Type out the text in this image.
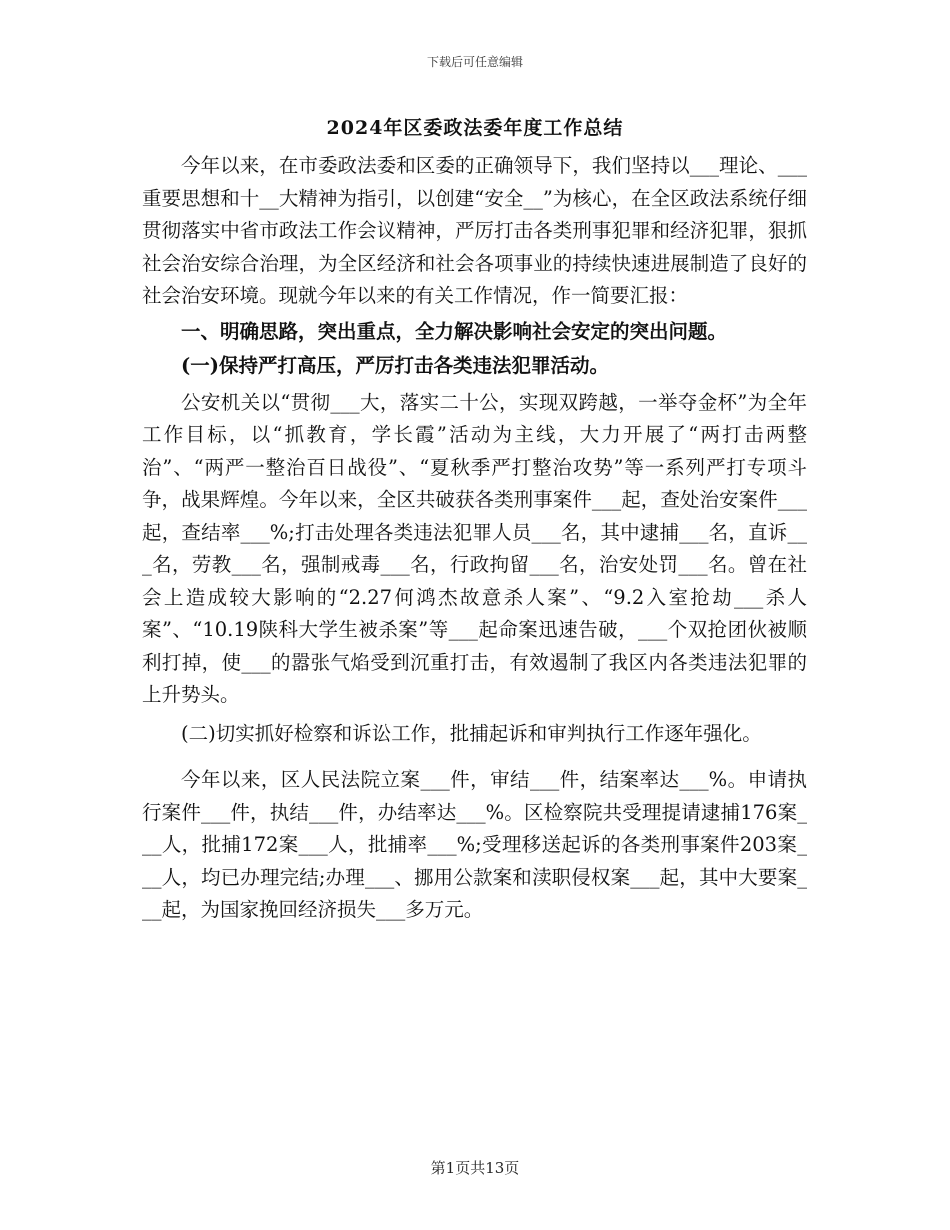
下载后可任意编辑
2024年区委政法委年度工作总结

今年以来，在市委政法委和区委的正确领导下，我们坚持以___理论、___重要思想和十__大精神为指引，以创建“安全__”为核心，在全区政法系统仔细贯彻落实中省市政法工作会议精神，严厉打击各类刑事犯罪和经济犯罪，狠抓社会治安综合治理，为全区经济和社会各项事业的持续快速进展制造了良好的社会治安环境。现就今年以来的有关工作情况，作一简要汇报：

一、明确思路，突出重点，全力解决影响社会安定的突出问题。

(一)保持严打高压，严厉打击各类违法犯罪活动。

公安机关以“贯彻___大，落实二十公，实现双跨越，一举夺金杯”为全年工作目标，以“抓教育，学长霞”活动为主线，大力开展了“两打击两整治”、“两严一整治百日战役”、“夏秋季严打整治攻势”等一系列严打专项斗争，战果辉煌。今年以来，全区共破获各类刑事案件___起，查处治安案件___起，查结率___%;打击处理各类违法犯罪人员___名，其中逮捕___名，直诉___名，劳教___名，强制戒毒___名，行政拘留___名，治安处罚___名。曾在社会上造成较大影响的“2.27何鸿杰故意杀人案”、“9.2入室抢劫___杀人案”、“10.19陕科大学生被杀案”等___起命案迅速告破，___个双抢团伙被顺利打掉，使___的嚣张气焰受到沉重打击，有效遏制了我区内各类违法犯罪的上升势头。

(二)切实抓好检察和诉讼工作，批捕起诉和审判执行工作逐年强化。

今年以来，区人民法院立案___件，审结___件，结案率达___%。申请执行案件___件，执结___件，办结率达___%。区检察院共受理提请逮捕176案___人，批捕172案___人，批捕率___%;受理移送起诉的各类刑事案件203案___人，均已办理完结;办理___、挪用公款案和渎职侵权案___起，其中大要案___起，为国家挽回经济损失___多万元。

第1页共13页
